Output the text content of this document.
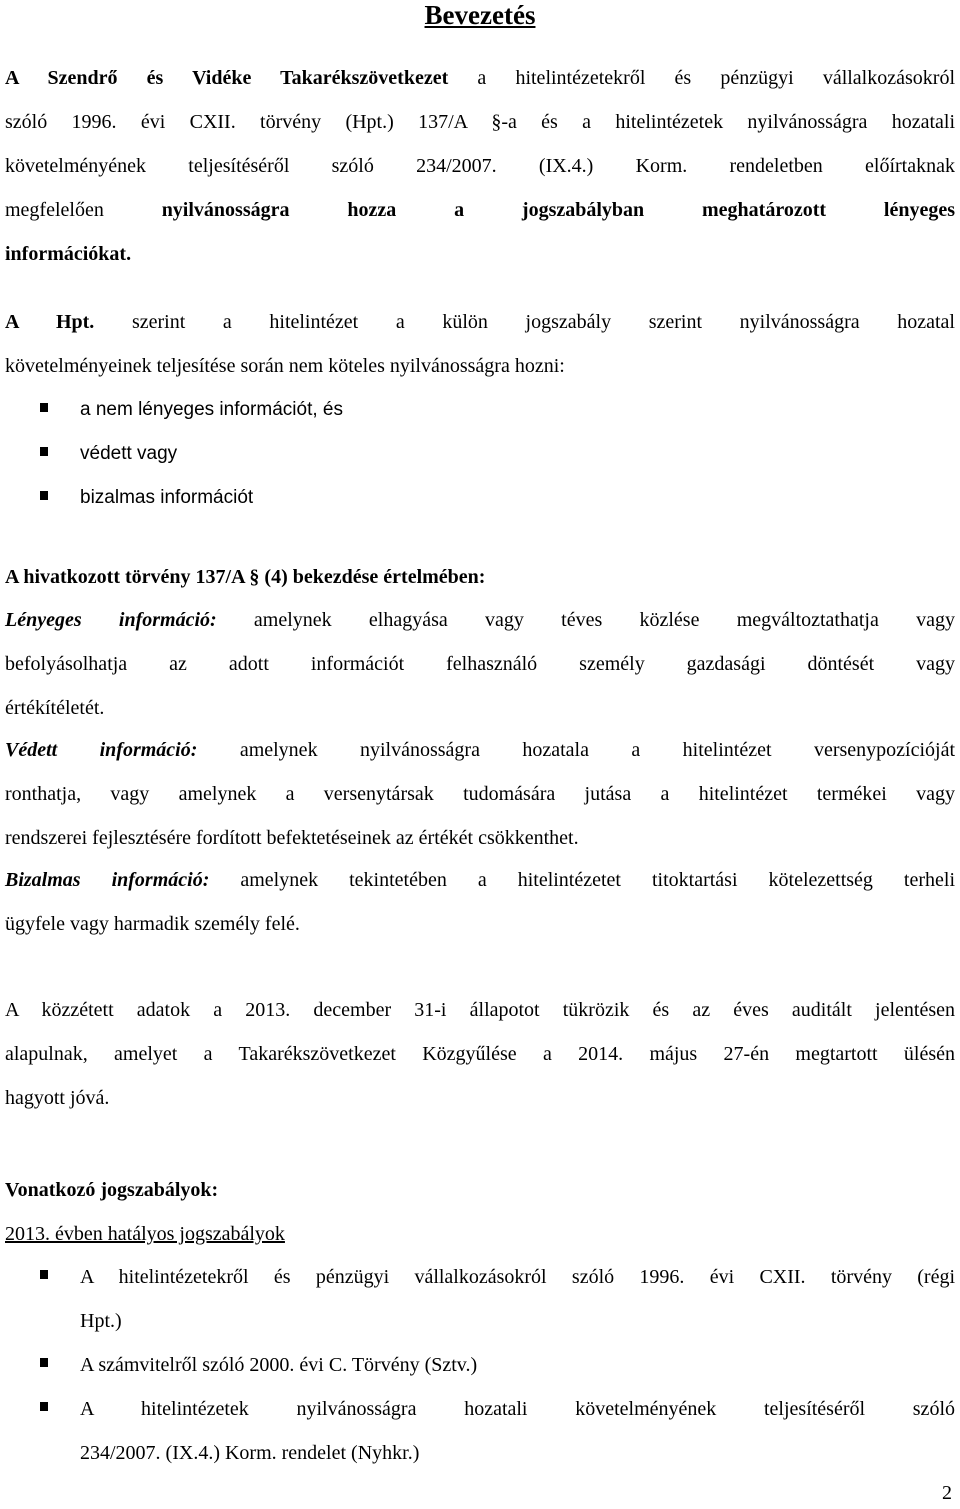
Bevezetés
A Szendrő és Vidéke Takarékszövetkezet a hitelintézetekről és pénzügyi vállalkozásokról
szóló 1996. évi CXII. törvény (Hpt.) 137/A §-a és a hitelintézetek nyilvánosságra hozatali
követelményének teljesítéséről szóló 234/2007. (IX.4.) Korm. rendeletben előírtaknak
megfelelően nyilvánosságra hozza a jogszabályban meghatározott lényeges
információkat.
A Hpt. szerint a hitelintézet a külön jogszabály szerint nyilvánosságra hozatal
követelményeinek teljesítése során nem köteles nyilvánosságra hozni:
a nem lényeges információt, és
védett vagy
bizalmas információt
A hivatkozott törvény 137/A § (4) bekezdése értelmében:
Lényeges információ: amelynek elhagyása vagy téves közlése megváltoztathatja vagy
befolyásolhatja az adott információt felhasználó személy gazdasági döntését vagy
értékítéletét.
Védett információ: amelynek nyilvánosságra hozatala a hitelintézet versenypozícióját
ronthatja, vagy amelynek a versenytársak tudomására jutása a hitelintézet termékei vagy
rendszerei fejlesztésére fordított befektetéseinek az értékét csökkenthet.
Bizalmas információ: amelynek tekintetében a hitelintézetet titoktartási kötelezettség terheli
ügyfele vagy harmadik személy felé.
A közzétett adatok a 2013. december 31-i állapotot tükrözik és az éves auditált jelentésen
alapulnak, amelyet a Takarékszövetkezet Közgyűlése a 2014. május 27-én megtartott ülésén
hagyott jóvá.
Vonatkozó jogszabályok:
2013. évben hatályos jogszabályok
A hitelintézetekről és pénzügyi vállalkozásokról szóló 1996. évi CXII. törvény (régi
Hpt.)
A számvitelről szóló 2000. évi C. Törvény (Sztv.)
A hitelintézetek nyilvánosságra hozatali követelményének teljesítéséről szóló
234/2007. (IX.4.) Korm. rendelet (Nyhkr.)
2
